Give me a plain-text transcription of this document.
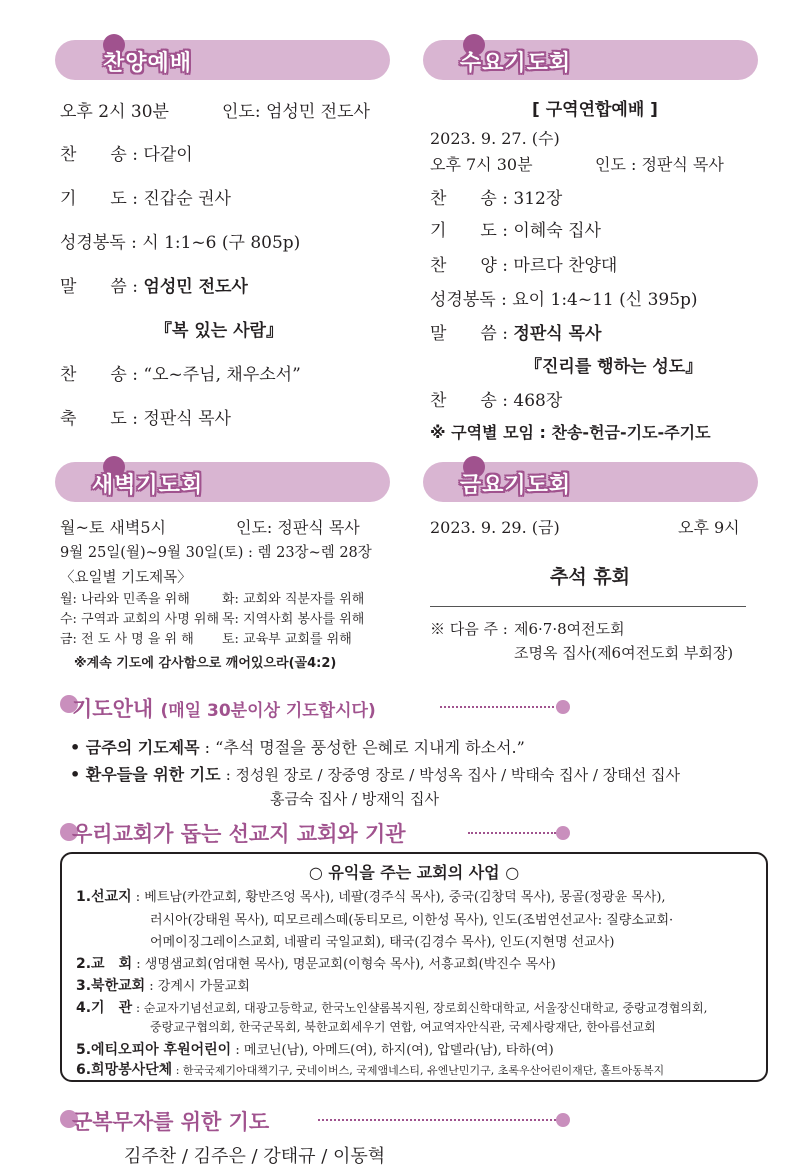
찬양예배
오후 2시 30분	인도: 엄성민 전도사
찬　　송 : 다같이
기　　도 : 진갑순 권사
성경봉독 : 시 1:1~6 (구 805p)
말　　씀 : 엄성민 전도사
『복 있는 사람』
찬　　송 : “오~주님, 채우소서”
축　　도 : 정판식 목사
수요기도회
[ 구역연합예배 ]
2023. 9. 27. (수)
오후 7시 30분	인도 : 정판식 목사
찬　　송 : 312장
기　　도 : 이혜숙 집사
찬　　양 : 마르다 찬양대
성경봉독 : 요이 1:4~11 (신 395p)
말　　씀 : 정판식 목사
『진리를 행하는 성도』
찬　　송 : 468장
※ 구역별 모임 : 찬송-헌금-기도-주기도
새벽기도회
월~토 새벽5시	인도: 정판식 목사
9월 25일(월)~9월 30일(토) : 렘 23장~렘 28장
〈요일별 기도제목〉
월: 나라와 민족을 위해 화: 교회와 직분자를 위해
수: 구역과 교회의 사명 위해 목: 지역사회 봉사를 위해
금: 전 도 사 명 을 위 해 토: 교육부 교회를 위해
※계속 기도에 감사함으로 깨어있으라(골4:2)
금요기도회
2023. 9. 29. (금)	오후 9시
추석 휴회
※ 다음 주 : 제6·7·8여전도회
조명옥 집사(제6여전도회 부회장)
기도안내 (매일 30분이상 기도합시다)
• 금주의 기도제목 : “추석 명절을 풍성한 은혜로 지내게 하소서.”
• 환우들을 위한 기도 : 정성원 장로 / 장중영 장로 / 박성옥 집사 / 박태숙 집사 / 장태선 집사
홍금숙 집사 / 방재익 집사
우리교회가 돕는 선교지 교회와 기관
○ 유익을 주는 교회의 사업 ○
1.선교지 : 베트남(카깐교회, 황반즈엉 목사), 네팔(경주식 목사), 중국(김창덕 목사), 몽골(정광윤 목사),
러시아(강태원 목사), 띠모르레스떼(동티모르, 이한성 목사), 인도(조범연선교사: 질량소교회·
어메이징그레이스교회, 네팔리 국일교회), 태국(김경수 목사), 인도(지현명 선교사)
2.교　회 : 생명샘교회(엄대현 목사), 명문교회(이형숙 목사), 서흥교회(박진수 목사)
3.북한교회 : 강계시 가물교회
4.기　관 : 순교자기념선교회, 대광고등학교, 한국노인샬롬복지원, 장로회신학대학교, 서울장신대학교, 중랑교경협의회,
중랑교구협의회, 한국군목회, 북한교회세우기 연합, 여교역자안식관, 국제사랑재단, 한아름선교회
5.에티오피아 후원어린이 : 메코닌(남), 아메드(여), 하지(여), 압델라(남), 타하(여)
6.희망봉사단체 : 한국국제기아대책기구, 굿네이버스, 국제앰네스티, 유엔난민기구, 초록우산어린이재단, 홀트아동복지
군복무자를 위한 기도
김주찬 / 김주은 / 강태규 / 이동혁
